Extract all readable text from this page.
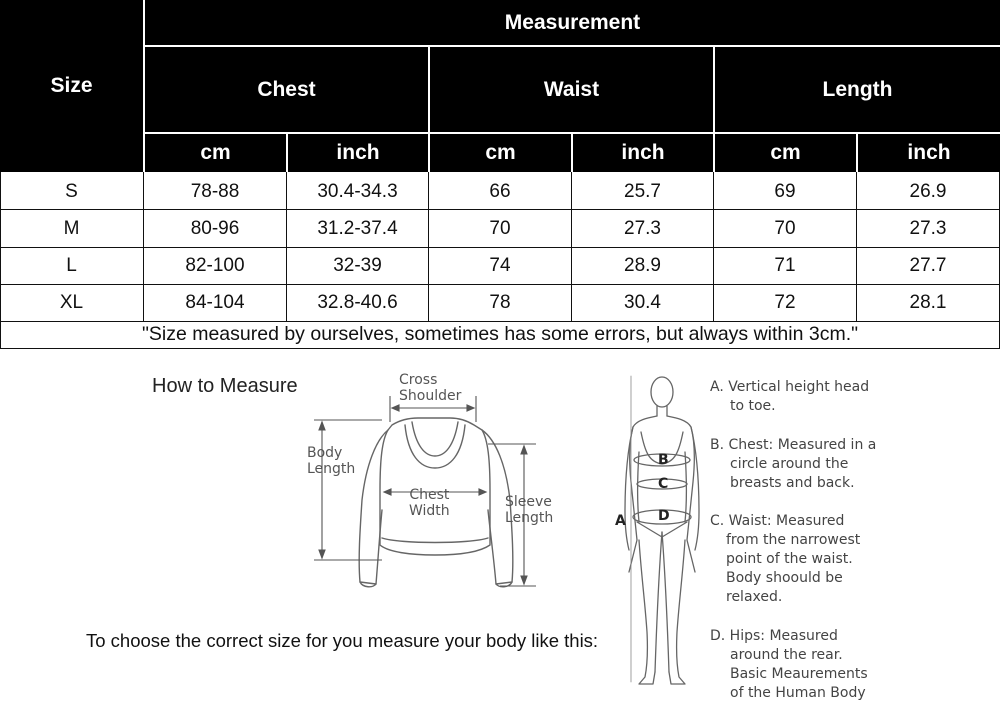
Size
Measurement
Chest	Waist	Length
cm	inch	cm	inch	cm	inch
S	78-88	30.4-34.3	66	25.7	69	26.9
M	80-96	31.2-37.4	70	27.3	70	27.3
L	82-100	32-39	74	28.9	71	27.7
XL	84-104	32.8-40.6	78	30.4	72	28.1
"Size measured by ourselves, sometimes has some errors, but always within 3cm."
How to Measure	Cross
Shoulder
Body
Length
Chest
Width
Sleeve
Length
To choose the correct size for you measure your body like this:
A
B
C
D
A. Vertical height head
to toe.
B. Chest: Measured in a
circle around the
breasts and back.
C. Waist: Measured
from the narrowest
point of the waist.
Body shoould be
relaxed.
D. Hips: Measured
around the rear.
Basic Meaurements
of the Human Body
